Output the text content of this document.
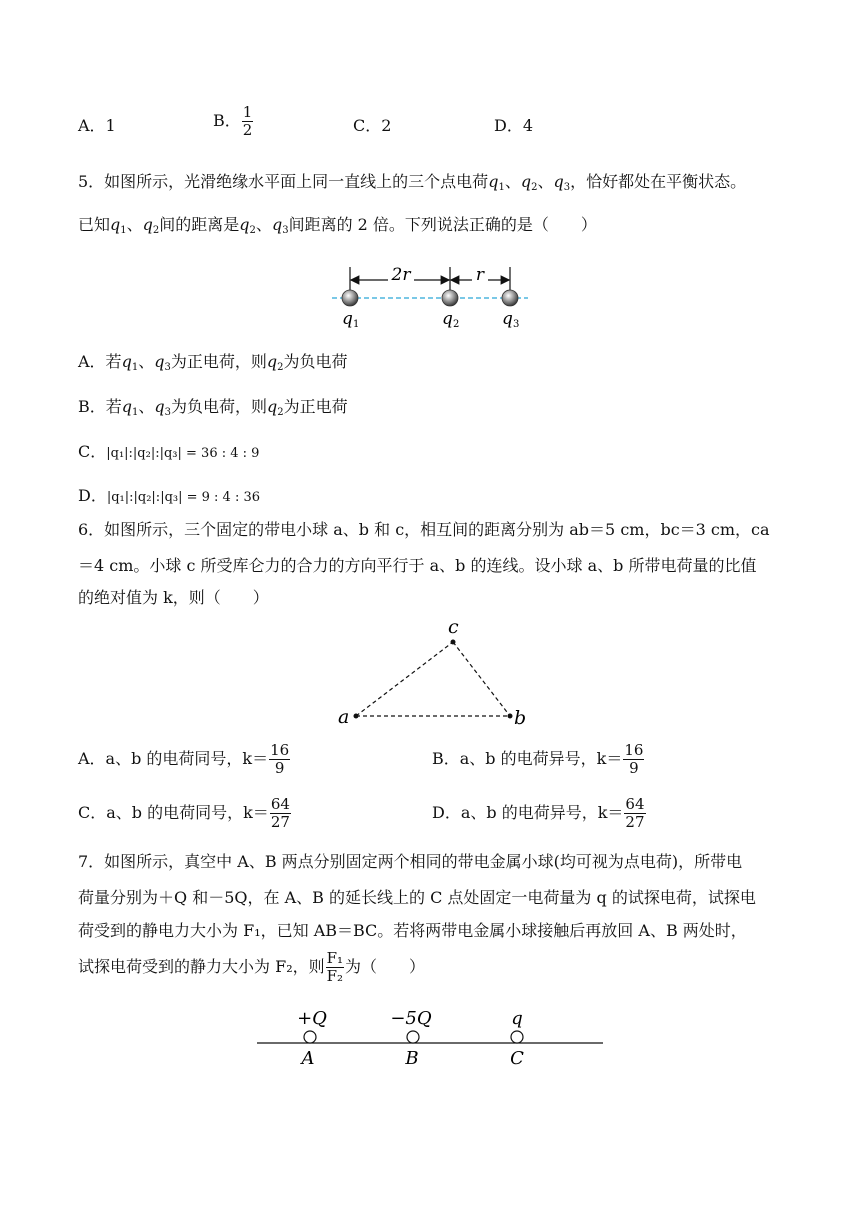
A．1	B． $\frac{1}{2}$	C．2	D．4
5．如图所示，光滑绝缘水平面上同一直线上的三个点电荷$q_1$、$q_2$、$q_3$，恰好都处在平衡状态。
已知$q_1$、$q_2$间的距离是$q_2$、$q_3$间距离的 2 倍。下列说法正确的是（　　）
2r	r
q 1	q 2	q 3
A．若$q_1$、$q_3$为正电荷，则$q_2$为负电荷
B．若$q_1$、$q_3$为负电荷，则$q_2$为正电荷
C．|q₁|:|q₂|:|q₃| = 36 : 4 : 9
D．|q₁|:|q₂|:|q₃| = 9 : 4 : 36
6．如图所示，三个固定的带电小球 a、b 和 c，相互间的距离分别为 ab＝5 cm，bc＝3 cm，ca
＝4 cm。小球 c 所受库仑力的合力的方向平行于 a、b 的连线。设小球 a、b 所带电荷量的比值
的绝对值为 k，则（　　）
a	b
c
A．a、b 的电荷同号，$k= \frac{16}{9}$	B．a、b 的电荷异号，$k= \frac{16}{9}$
C．a、b 的电荷同号，$k= \frac{64}{27}$	D．a、b 的电荷异号，$k= \frac{64}{27}$
7．如图所示，真空中 A、B 两点分别固定两个相同的带电金属小球(均可视为点电荷)，所带电
荷量分别为＋Q 和－5Q，在 A、B 的延长线上的 C 点处固定一电荷量为 q 的试探电荷，试探电
荷受到的静电力大小为 F₁，已知 AB＝BC。若将两带电金属小球接触后再放回 A、B 两处时，
试探电荷受到的静力大小为 F₂，则 $\frac{\text{F₁}}{\text{F₂}}$ 为（　　）
+Q	−5Q	q
A	B	C
